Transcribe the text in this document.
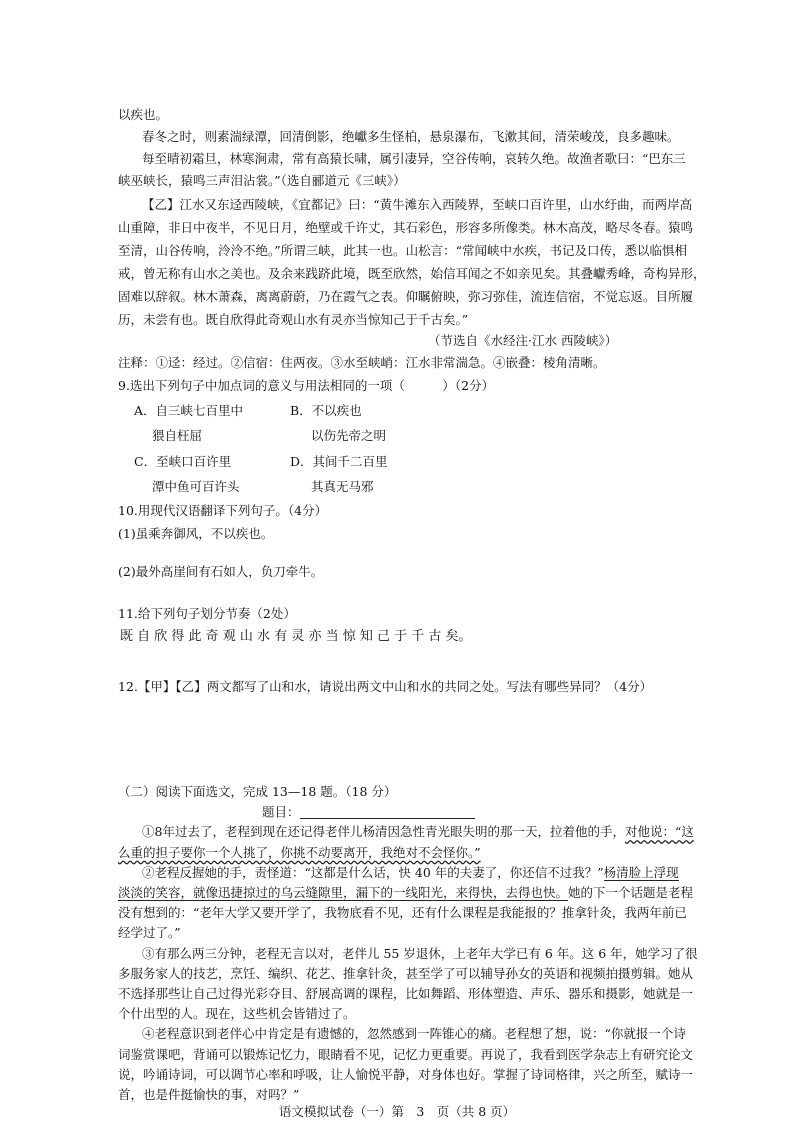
以疾也。
春冬之时，则素湍绿潭，回清倒影，绝巘多生怪柏，悬泉瀑布，飞漱其间，清荣峻茂，良多趣味。
每至晴初霜旦，林寒涧肃，常有高猿长啸，属引凄异，空谷传响，哀转久绝。故渔者歌曰：“巴东三
峡巫峡长，猿鸣三声泪沾裳。”（选自郦道元《三峡》）
【乙】江水又东迳西陵峡，《宜都记》曰：“黄牛滩东入西陵界，至峡口百许里，山水纡曲，而两岸高
山重障，非日中夜半，不见日月，绝壁或千许丈，其石彩色，形容多所像类。林木高茂，略尽冬春。猿鸣
至清，山谷传响，泠泠不绝。”所谓三峡，此其一也。山松言：“常闻峡中水疾，书记及口传，悉以临惧相
戒，曾无称有山水之美也。及余来践跻此境，既至欣然，始信耳闻之不如亲见矣。其叠巘秀峰，奇构异形，
固难以辞叙。林木萧森，离离蔚蔚，乃在霞气之表。仰瞩俯映，弥习弥佳，流连信宿，不觉忘返。目所履
历，未尝有也。既自欣得此奇观山水有灵亦当惊知己于千古矣。”
（节选自《水经注·江水 西陵峡》）
注释：①迳：经过。②信宿：住两夜。③水至峡峭：江水非常湍急。④嵌叠：棱角清晰。
9.选出下列句子中加点词的意义与用法相同的一项（　　　）（2分）
A．自三峡七百里中
猥自枉屈
B．不以疾也
以伤先帝之明
C．至峡口百许里
潭中鱼可百许头
D．其间千二百里
其真无马邪
10.用现代汉语翻译下列句子。（4分）
(1)虽乘奔御风，不以疾也。
(2)最外高崖间有石如人，负刀牵牛。
11.给下列句子划分节奏（2处）
既 自 欣 得 此 奇 观 山 水 有 灵 亦 当 惊 知 己 于 千 古 矣。
12.【甲】【乙】两文都写了山和水，请说出两文中山和水的共同之处。写法有哪些异同？（4分）
（二）阅读下面选文，完成 13—18 题。（18 分）
题目：
①8年过去了，老程到现在还记得老伴儿杨清因急性青光眼失明的那一天，拉着他的手，对他说：“这
么重的担子要你一个人挑了，你挑不动要离开，我绝对不会怪你。”
②老程反握她的手，责怪道：“这都是什么话，快 40 年的夫妻了，你还信不过我？”杨清脸上浮现
淡淡的笑容，就像迅捷掠过的乌云缝隙里，漏下的一线阳光，来得快，去得也快。她的下一个话题是老程
没有想到的：“老年大学又要开学了，我物底看不见，还有什么课程是我能报的？推拿针灸，我两年前已
经学过了。”
③有那么两三分钟，老程无言以对，老伴儿 55 岁退休，上老年大学已有 6 年。这 6 年，她学习了很
多服务家人的技艺，烹饪、编织、花艺、推拿针灸，甚至学了可以辅导孙女的英语和视频拍摄剪辑。她从
不选择那些让自己过得光彩夺目、舒展高调的课程，比如舞蹈、形体塑造、声乐、器乐和摄影，她就是一
个什出型的人。现在，这些机会皆错过了。
④老程意识到老伴心中肯定是有遗憾的，忽然感到一阵锥心的痛。老程想了想，说：“你就报一个诗
词鉴赏课吧，背诵可以锻炼记忆力，眼睛看不见，记忆力更重要。再说了，我看到医学杂志上有研究论文
说，吟诵诗词，可以调节心率和呼吸，让人愉悦平静，对身体也好。掌握了诗词格律，兴之所至，赋诗一
首，也是件挺愉快的事，对吗？”
语文模拟试卷（一）第　3　页（共 8 页）
